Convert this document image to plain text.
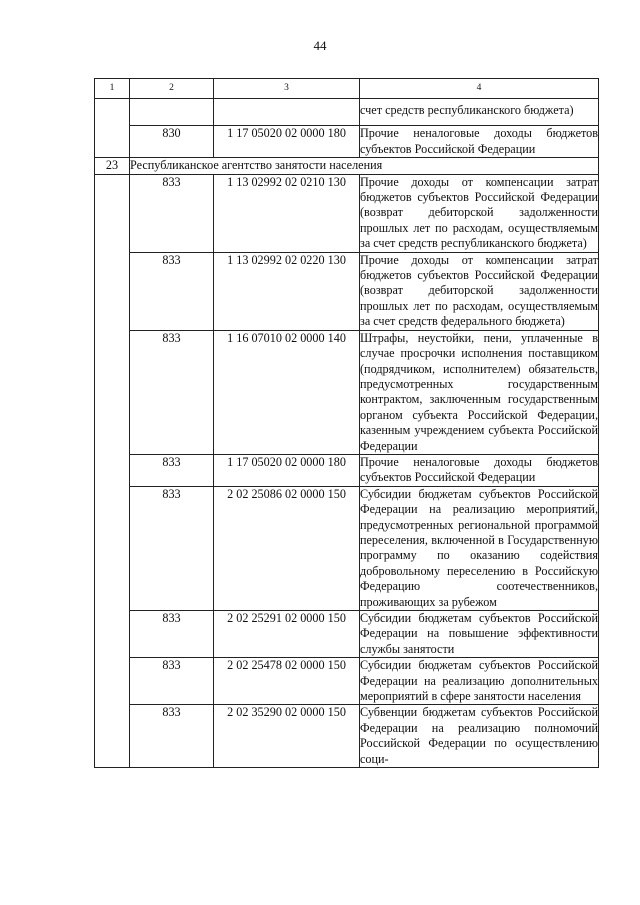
44
1	2	3	4
			счет средств республиканского бюджета)
	830	1 17 05020 02 0000 180	Прочие неналоговые доходы бюджетов субъектов Российской Федерации
23	Республиканское агентство занятости населения		
	833	1 13 02992 02 0210 130	Прочие доходы от компенсации затрат бюджетов субъектов Российской Федерации (возврат дебиторской задолженности прошлых лет по расходам, осуществляемым за счет средств республиканского бюджета)
	833	1 13 02992 02 0220 130	Прочие доходы от компенсации затрат бюджетов субъектов Российской Федерации (возврат дебиторской задолженности прошлых лет по расходам, осуществляемым за счет средств федерального бюджета)
	833	1 16 07010 02 0000 140	Штрафы, неустойки, пени, уплаченные в случае просрочки исполнения поставщиком (подрядчиком, исполнителем) обязательств, предусмотренных государственным контрактом, заключенным государственным органом субъекта Российской Федерации, казенным учреждением субъекта Российской Федерации
	833	1 17 05020 02 0000 180	Прочие неналоговые доходы бюджетов субъектов Российской Федерации
	833	2 02 25086 02 0000 150	Субсидии бюджетам субъектов Российской Федерации на реализацию мероприятий, предусмотренных региональной программой переселения, включенной в Государственную программу по оказанию содействия добровольному переселению в Российскую Федерацию соотечественников, проживающих за рубежом
	833	2 02 25291 02 0000 150	Субсидии бюджетам субъектов Российской Федерации на повышение эффективности службы занятости
	833	2 02 25478 02 0000 150	Субсидии бюджетам субъектов Российской Федерации на реализацию дополнительных мероприятий в сфере занятости населения
	833	2 02 35290 02 0000 150	Субвенции бюджетам субъектов Российской Федерации на реализацию полномочий Российской Федерации по осуществлению соци-
